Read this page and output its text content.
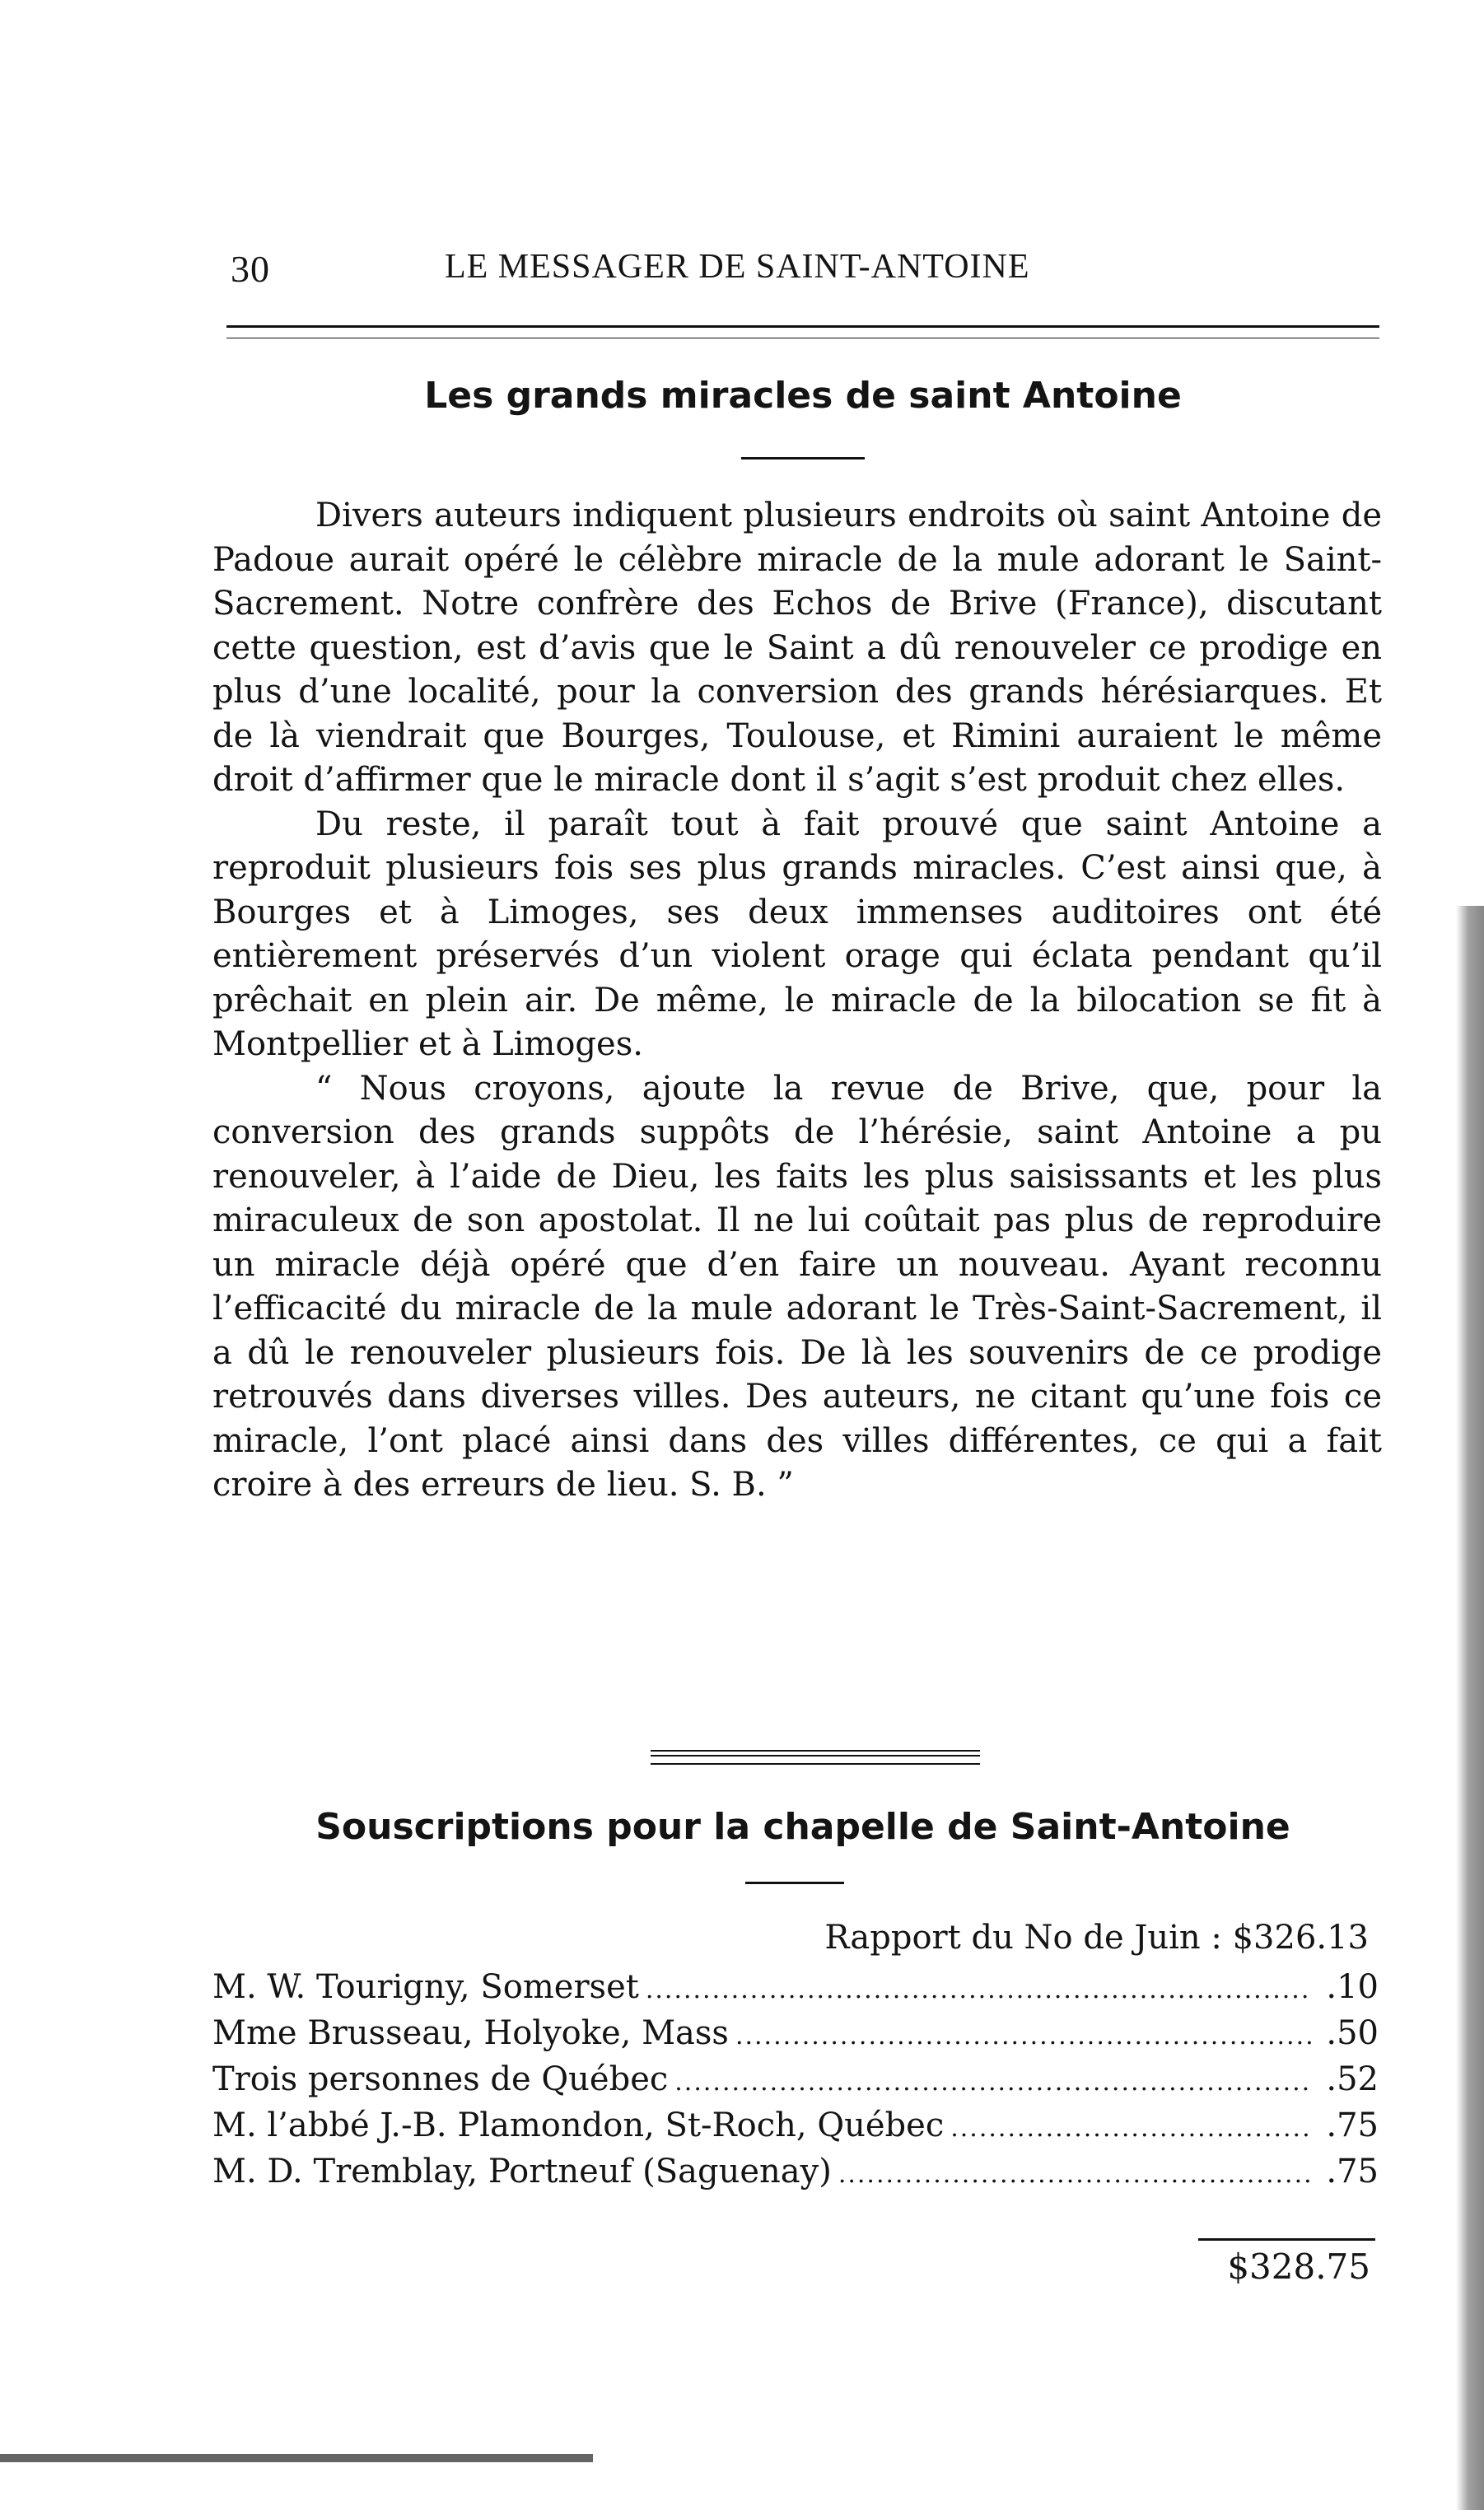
30	LE MESSAGER DE SAINT-ANTOINE
Les grands miracles de saint Antoine

Divers auteurs indiquent plusieurs endroits où saint Antoine de Padoue aurait opéré le célèbre miracle de la mule adorant le Saint-Sacrement. Notre confrère des Echos de Brive (France), discutant cette question, est d’avis que le Saint a dû renouveler ce prodige en plus d’une localité, pour la conversion des grands hérésiarques. Et de là viendrait que Bourges, Toulouse, et Rimini auraient le même droit d’affirmer que le miracle dont il s’agit s’est produit chez elles.

Du reste, il paraît tout à fait prouvé que saint Antoine a reproduit plusieurs fois ses plus grands miracles. C’est ainsi que, à Bourges et à Limoges, ses deux immenses auditoires ont été entièrement préservés d’un violent orage qui éclata pendant qu’il prêchait en plein air. De même, le miracle de la bilocation se fit à Montpellier et à Limoges.

“ Nous croyons, ajoute la revue de Brive, que, pour la conversion des grands suppôts de l’hérésie, saint Antoine a pu renouveler, à l’aide de Dieu, les faits les plus saisissants et les plus miraculeux de son apostolat. Il ne lui coûtait pas plus de reproduire un miracle déjà opéré que d’en faire un nouveau. Ayant reconnu l’efficacité du miracle de la mule adorant le Très-Saint-Sacrement, il a dû le renouveler plusieurs fois. De là les souvenirs de ce prodige retrouvés dans diverses villes. Des auteurs, ne citant qu’une fois ce miracle, l’ont placé ainsi dans des villes différentes, ce qui a fait croire à des erreurs de lieu. S. B. ”

Souscriptions pour la chapelle de Saint-Antoine
Rapport du No de Juin : $326.13
M. W. Tourigny, Somerset .....	.10
Mme Brusseau, Holyoke, Mass .....	.50
Trois personnes de Québec .....	.52
M. l’abbé J.-B. Plamondon, St-Roch, Québec .....	.75
M. D. Tremblay, Portneuf (Saguenay) .....	.75
$328.75
